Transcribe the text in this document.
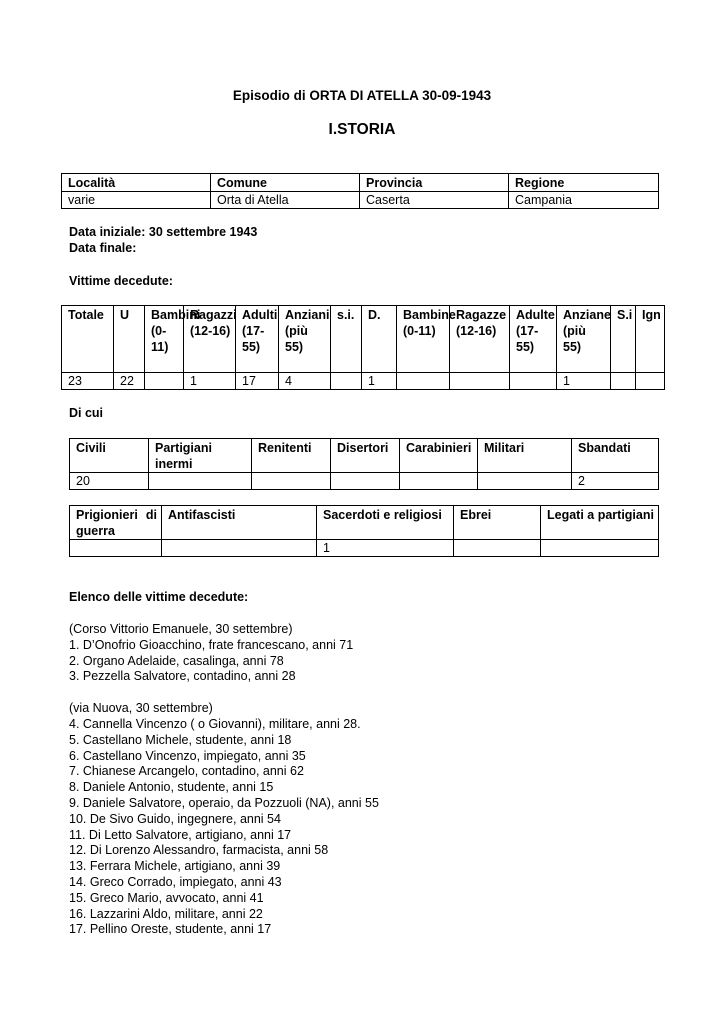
Episodio di ORTA DI ATELLA 30-09-1943
I.STORIA
Località	Comune	Provincia	Regione
varie	Orta di Atella	Caserta	Campania
Data iniziale: 30 settembre 1943
Data finale:
Vittime decedute:
Totale	U	Bambini (0-11)	Ragazzi (12-16)	Adulti (17-55)	Anziani (più 55)	s.i.	D.	Bambine (0-11)	Ragazze (12-16)	Adulte (17-55)	Anziane (più 55)	S.i	Ign
23	22		1	17	4		1				1		
Di cui
Civili	Partigiani inermi	Renitenti	Disertori	Carabinieri	Militari	Sbandati
20						2
Prigionieri di guerra	Antifascisti	Sacerdoti e religiosi	Ebrei	Legati a partigiani
		1		
Elenco delle vittime decedute:
(Corso Vittorio Emanuele, 30 settembre)
1. D’Onofrio Gioacchino, frate francescano, anni 71
2. Organo Adelaide, casalinga, anni 78
3. Pezzella Salvatore, contadino, anni 28
(via Nuova, 30 settembre)
4. Cannella Vincenzo ( o Giovanni), militare, anni 28.
5. Castellano Michele, studente, anni 18
6. Castellano Vincenzo, impiegato, anni 35
7. Chianese Arcangelo, contadino, anni 62
8. Daniele Antonio, studente, anni 15
9. Daniele Salvatore, operaio, da Pozzuoli (NA), anni 55
10. De Sivo Guido, ingegnere, anni 54
11. Di Letto Salvatore, artigiano, anni 17
12. Di Lorenzo Alessandro, farmacista, anni 58
13. Ferrara Michele, artigiano, anni 39
14. Greco Corrado, impiegato, anni 43
15. Greco Mario, avvocato, anni 41
16. Lazzarini Aldo, militare, anni 22
17. Pellino Oreste, studente, anni 17
